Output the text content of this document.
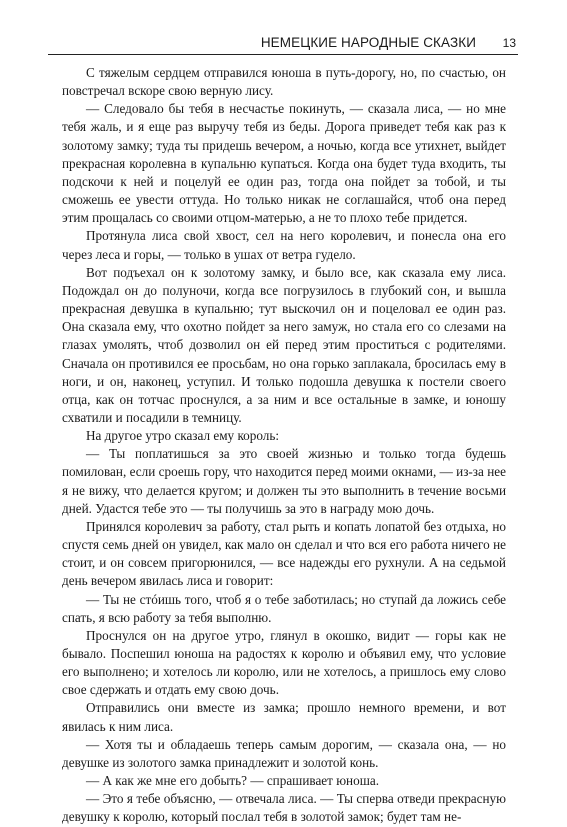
НЕМЕЦКИЕ НАРОДНЫЕ СКАЗКИ 13

С тяжелым сердцем отправился юноша в путь-дорогу, но, по счастью, он повстречал вскоре свою верную лису.

— Следовало бы тебя в несчастье покинуть, — сказала лиса, — но мне тебя жаль, и я еще раз выручу тебя из беды. Дорога приведет тебя как раз к золотому замку; туда ты придешь вечером, а ночью, когда все утихнет, выйдет прекрасная королевна в купальню купаться. Когда она будет туда входить, ты подскочи к ней и поцелуй ее один раз, тогда она пойдет за тобой, и ты сможешь ее увести оттуда. Но только никак не соглашайся, чтоб она перед этим прощалась со своими отцом-матерью, а не то плохо тебе придется.

Протянула лиса свой хвост, сел на него королевич, и понесла она его через леса и горы, — только в ушах от ветра гудело.

Вот подъехал он к золотому замку, и было все, как сказала ему лиса. Подождал он до полуночи, когда все погрузилось в глубокий сон, и вышла прекрасная девушка в купальню; тут выскочил он и поцеловал ее один раз. Она сказала ему, что охотно пойдет за него замуж, но стала его со слезами на глазах умолять, чтоб дозволил он ей перед этим проститься с родителями. Сначала он противился ее просьбам, но она горько заплакала, бросилась ему в ноги, и он, наконец, уступил. И только подошла девушка к постели своего отца, как он тотчас проснулся, а за ним и все остальные в замке, и юношу схватили и посадили в темницу.

На другое утро сказал ему король:

— Ты поплатишься за это своей жизнью и только тогда будешь помилован, если сроешь гору, что находится перед моими окнами, — из-за нее я не вижу, что делается кругом; и должен ты это выполнить в течение восьми дней. Удастся тебе это — ты получишь за это в награду мою дочь.

Принялся королевич за работу, стал рыть и копать лопатой без отдыха, но спустя семь дней он увидел, как мало он сделал и что вся его работа ничего не стоит, и он совсем пригорюнился, — все надежды его рухнули. А на седьмой день вечером явилась лиса и говорит:

— Ты не стóишь того, чтоб я о тебе заботилась; но ступай да ложись себе спать, я всю работу за тебя выполню.

Проснулся он на другое утро, глянул в окошко, видит — горы как не бывало. Поспешил юноша на радостях к королю и объявил ему, что условие его выполнено; и хотелось ли королю, или не хотелось, а пришлось ему слово свое сдержать и отдать ему свою дочь.

Отправились они вместе из замка; прошло немного времени, и вот явилась к ним лиса.

— Хотя ты и обладаешь теперь самым дорогим, — сказала она, — но девушке из золотого замка принадлежит и золотой конь.

— А как же мне его добыть? — спрашивает юноша.

— Это я тебе объясню, — отвечала лиса. — Ты сперва отведи прекрасную девушку к королю, который послал тебя в золотой замок; будет там не-
